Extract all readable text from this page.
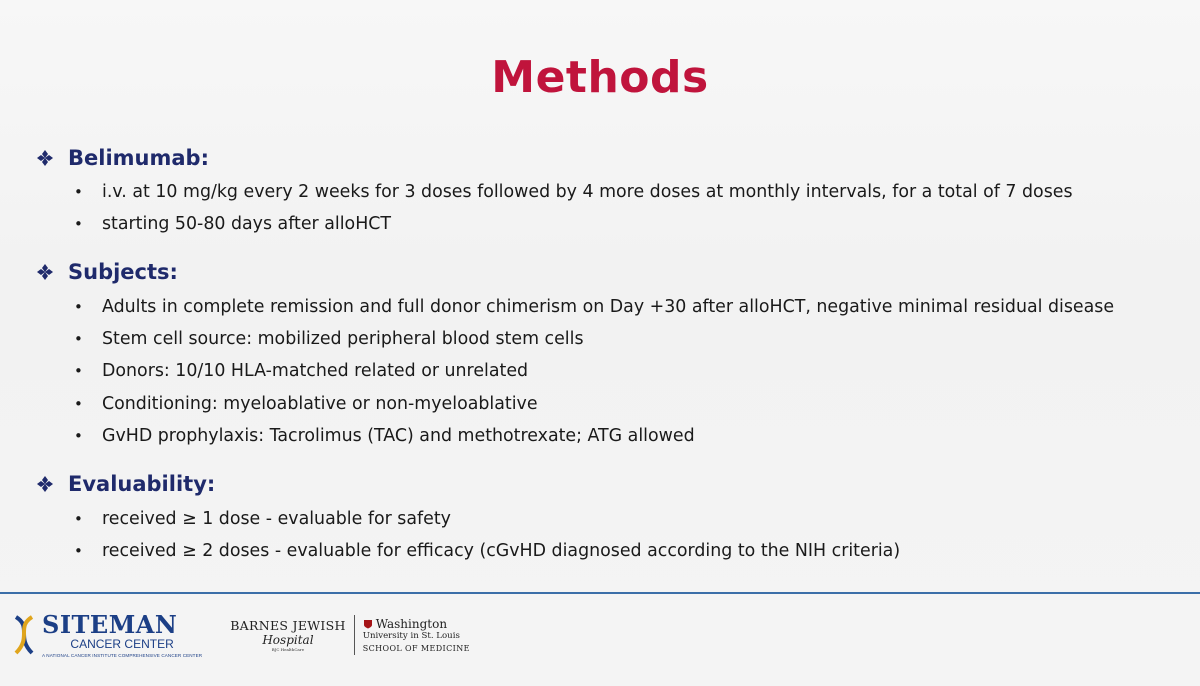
Methods
Belimumab:
•	i.v. at 10 mg/kg every 2 weeks for 3 doses followed by 4 more doses at monthly intervals, for a total of 7 doses
•	starting 50-80 days after alloHCT
Subjects:
•	Adults in complete remission and full donor chimerism on Day +30 after alloHCT, negative minimal residual disease
•	Stem cell source: mobilized peripheral blood stem cells
•	Donors: 10/10 HLA-matched related or unrelated
•	Conditioning: myeloablative or non-myeloablative
•	GvHD prophylaxis: Tacrolimus (TAC) and methotrexate; ATG allowed
Evaluability:
•	received ≥ 1 dose - evaluable for safety
•	received ≥ 2 doses - evaluable for efficacy (cGvHD diagnosed according to the NIH criteria)
SITEMAN
CANCER CENTER
A NATIONAL CANCER INSTITUTE COMPREHENSIVE CANCER CENTER
BARNES JEWISH
Hospital
BJC HealthCare
Washington
University in St. Louis
SCHOOL OF MEDICINE
